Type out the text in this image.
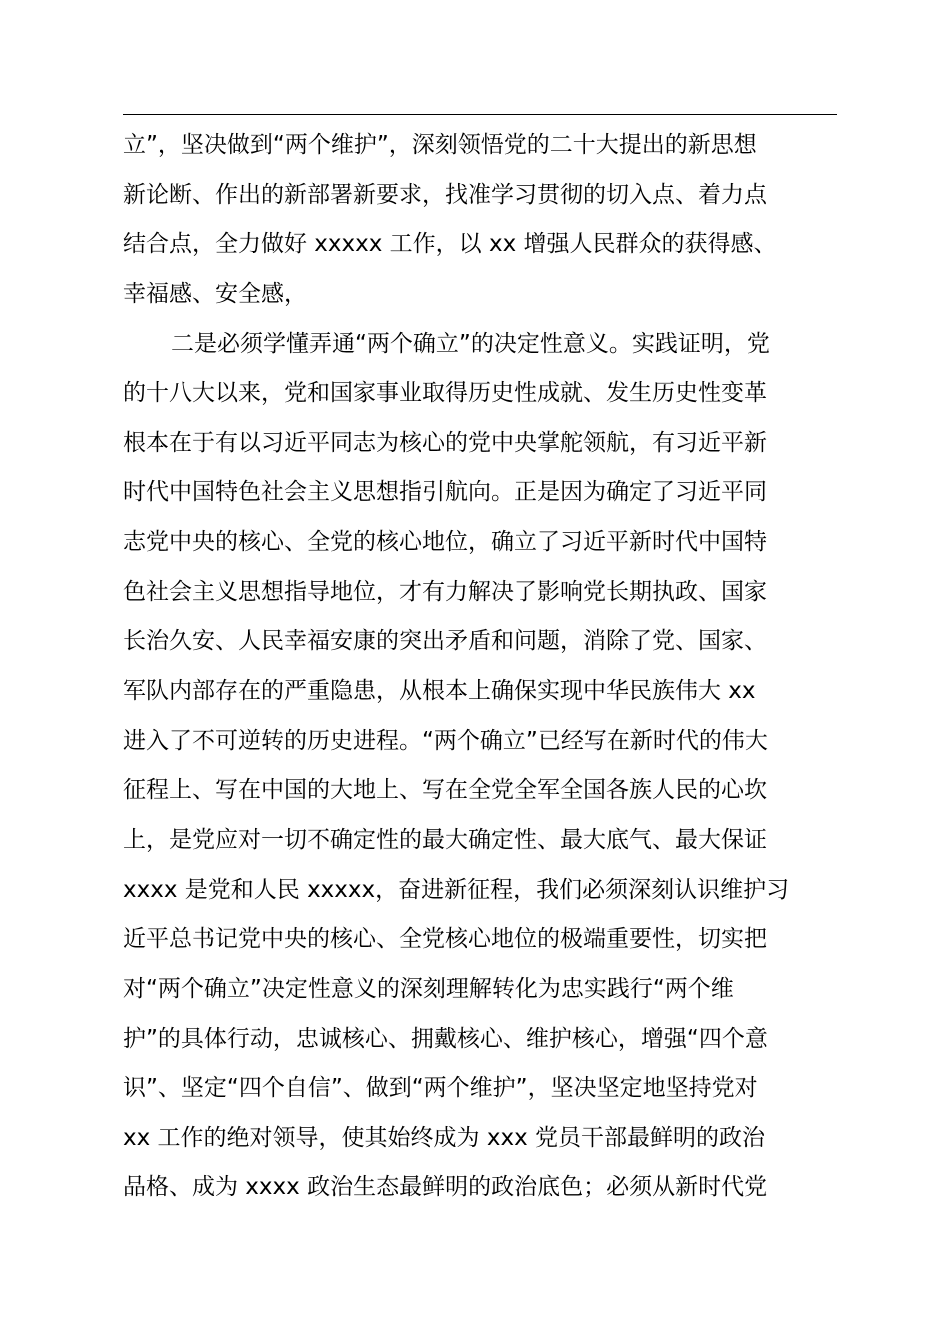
立”，坚决做到“两个维护”，深刻领悟党的二十大提出的新思想
新论断、作出的新部署新要求，找准学习贯彻的切入点、着力点
结合点，全力做好 xxxxx 工作，以 xx 增强人民群众的获得感、
幸福感、安全感，

二是必须学懂弄通“两个确立”的决定性意义。实践证明，党
的十八大以来，党和国家事业取得历史性成就、发生历史性变革
根本在于有以习近平同志为核心的党中央掌舵领航，有习近平新
时代中国特色社会主义思想指引航向。正是因为确定了习近平同
志党中央的核心、全党的核心地位，确立了习近平新时代中国特
色社会主义思想指导地位，才有力解决了影响党长期执政、国家
长治久安、人民幸福安康的突出矛盾和问题，消除了党、国家、
军队内部存在的严重隐患，从根本上确保实现中华民族伟大 xx
进入了不可逆转的历史进程。“两个确立”已经写在新时代的伟大
征程上、写在中国的大地上、写在全党全军全国各族人民的心坎
上，是党应对一切不确定性的最大确定性、最大底气、最大保证
xxxx 是党和人民 xxxxx，奋进新征程，我们必须深刻认识维护习
近平总书记党中央的核心、全党核心地位的极端重要性，切实把
对“两个确立”决定性意义的深刻理解转化为忠实践行“两个维
护”的具体行动，忠诚核心、拥戴核心、维护核心，增强“四个意
识”、坚定“四个自信”、做到“两个维护”，坚决坚定地坚持党对
xx 工作的绝对领导，使其始终成为 xxx 党员干部最鲜明的政治
品格、成为 xxxx 政治生态最鲜明的政治底色；必须从新时代党
